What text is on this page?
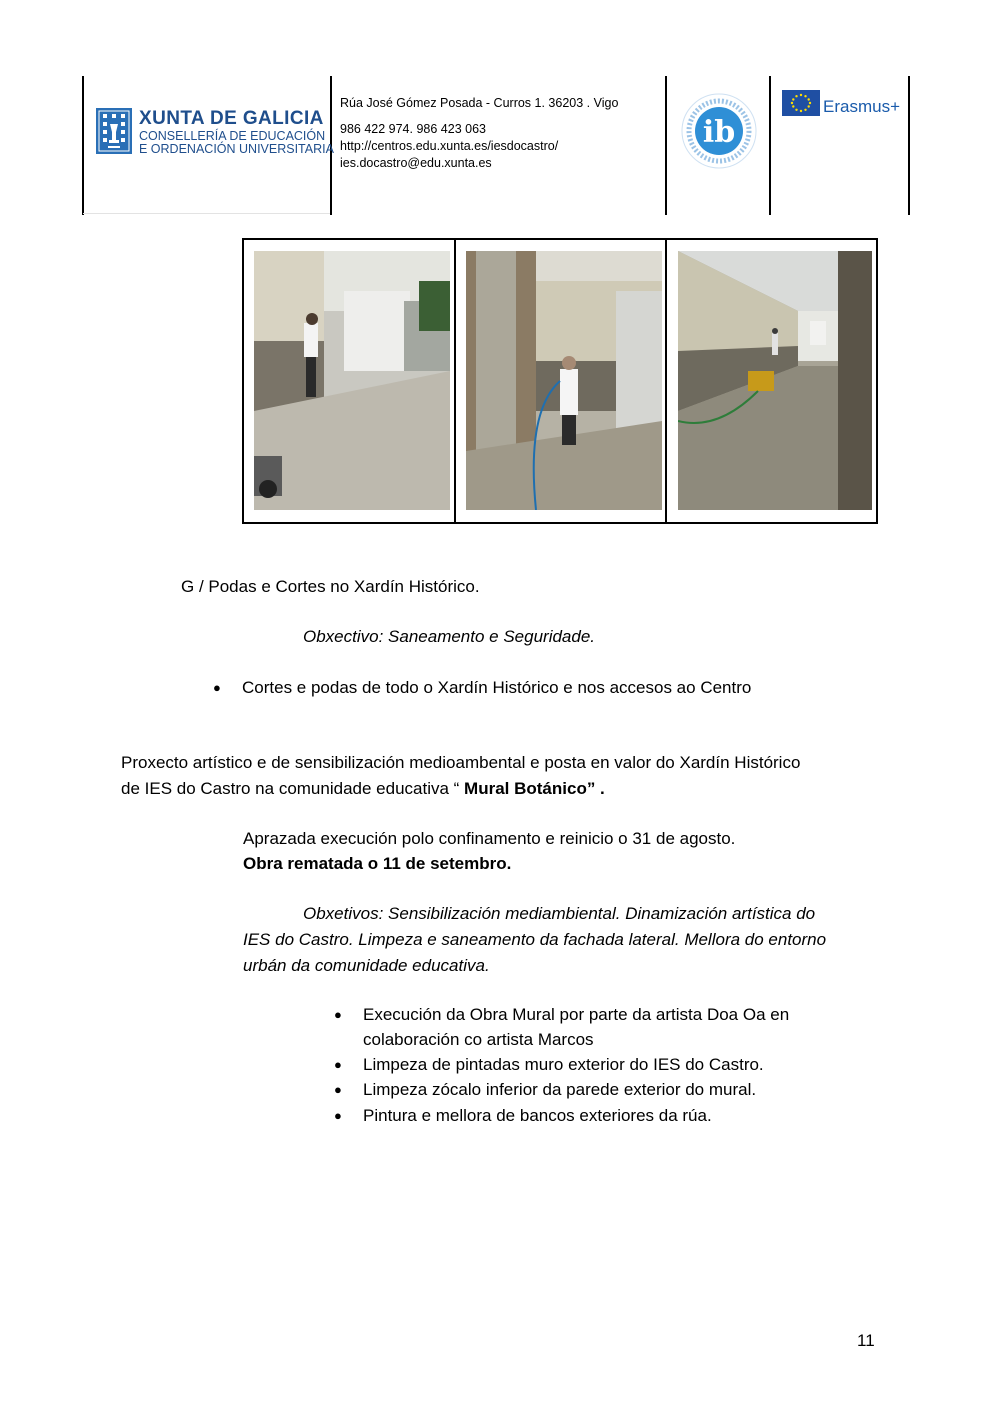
XUNTA DE GALICIA
CONSELLERÍA DE EDUCACIÓN
E ORDENACIÓN UNIVERSITARIA
Rúa José Gómez Posada - Curros 1. 36203 . Vigo
986 422 974. 986 423 063
http://centros.edu.xunta.es/iesdocastro/
ies.docastro@edu.xunta.es
ib
Erasmus+
G / Podas e Cortes no Xardín Histórico.
Obxectivo: Saneamento e Seguridade.
● Cortes e podas de todo o Xardín Histórico e nos accesos ao Centro
Proxecto artístico e de sensibilización medioambental e posta en valor do Xardín Histórico
de IES do Castro na comunidade educativa “ Mural Botánico” .
Aprazada execución polo confinamento e reinicio o 31 de agosto.
Obra rematada o 11 de setembro.
Obxetivos: Sensibilización mediambiental. Dinamización artística do
IES do Castro. Limpeza e saneamento da fachada lateral. Mellora do entorno
urbán da comunidade educativa.
● Execución da Obra Mural por parte da artista Doa Oa en
colaboración co artista Marcos
● Limpeza de pintadas muro exterior do IES do Castro.
● Limpeza zócalo inferior da parede exterior do mural.
● Pintura e mellora de bancos exteriores da rúa.
11
